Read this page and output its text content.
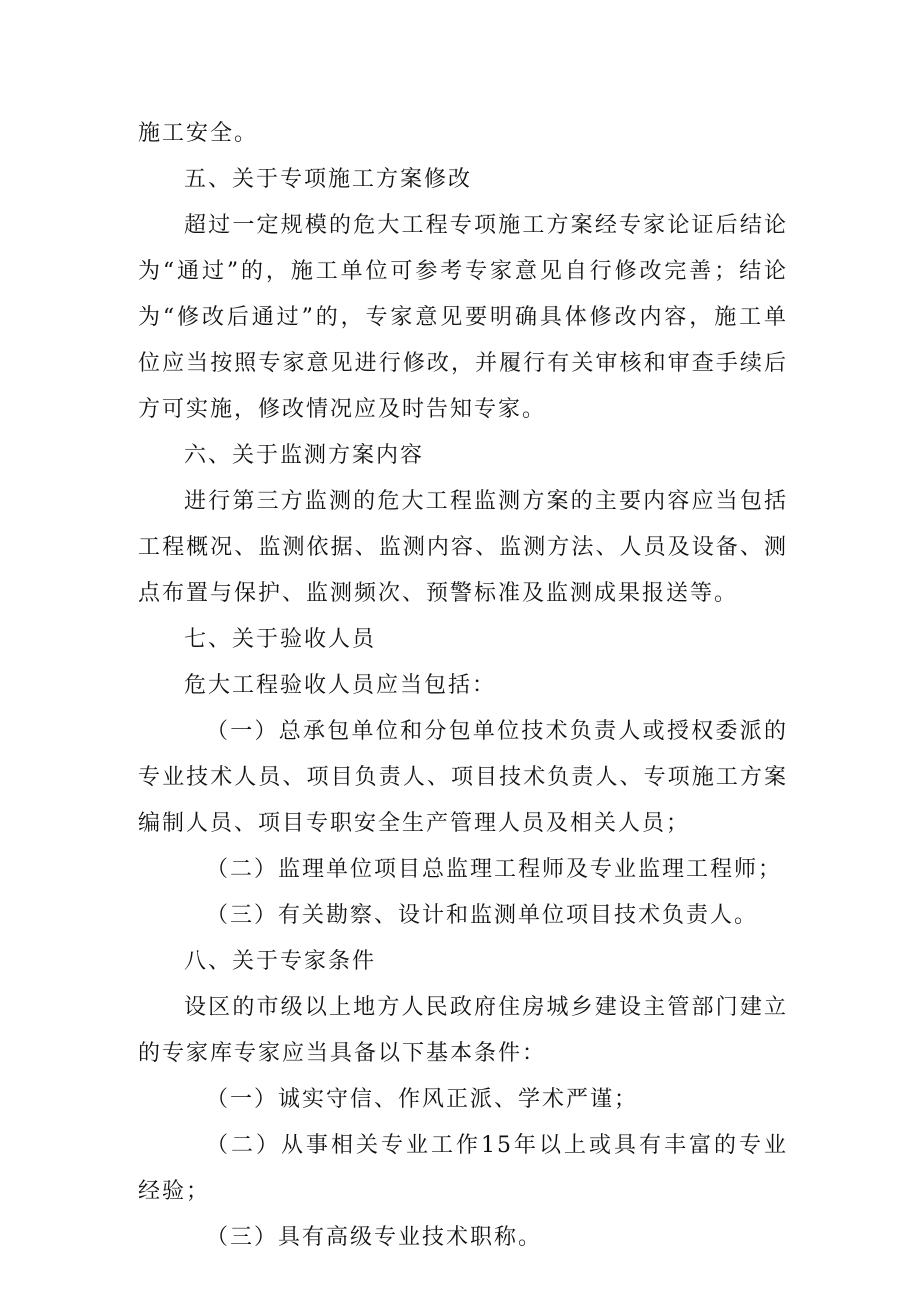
施工安全。

五、关于专项施工方案修改

超过一定规模的危大工程专项施工方案经专家论证后结论为“通过”的，施工单位可参考专家意见自行修改完善；结论为“修改后通过”的，专家意见要明确具体修改内容，施工单位应当按照专家意见进行修改，并履行有关审核和审查手续后方可实施，修改情况应及时告知专家。

六、关于监测方案内容

进行第三方监测的危大工程监测方案的主要内容应当包括工程概况、监测依据、监测内容、监测方法、人员及设备、测点布置与保护、监测频次、预警标准及监测成果报送等。

七、关于验收人员

危大工程验收人员应当包括：

（一）总承包单位和分包单位技术负责人或授权委派的专业技术人员、项目负责人、项目技术负责人、专项施工方案编制人员、项目专职安全生产管理人员及相关人员；

（二）监理单位项目总监理工程师及专业监理工程师；

（三）有关勘察、设计和监测单位项目技术负责人。

八、关于专家条件

设区的市级以上地方人民政府住房城乡建设主管部门建立的专家库专家应当具备以下基本条件：

（一）诚实守信、作风正派、学术严谨；

（二）从事相关专业工作15年以上或具有丰富的专业经验；

（三）具有高级专业技术职称。
